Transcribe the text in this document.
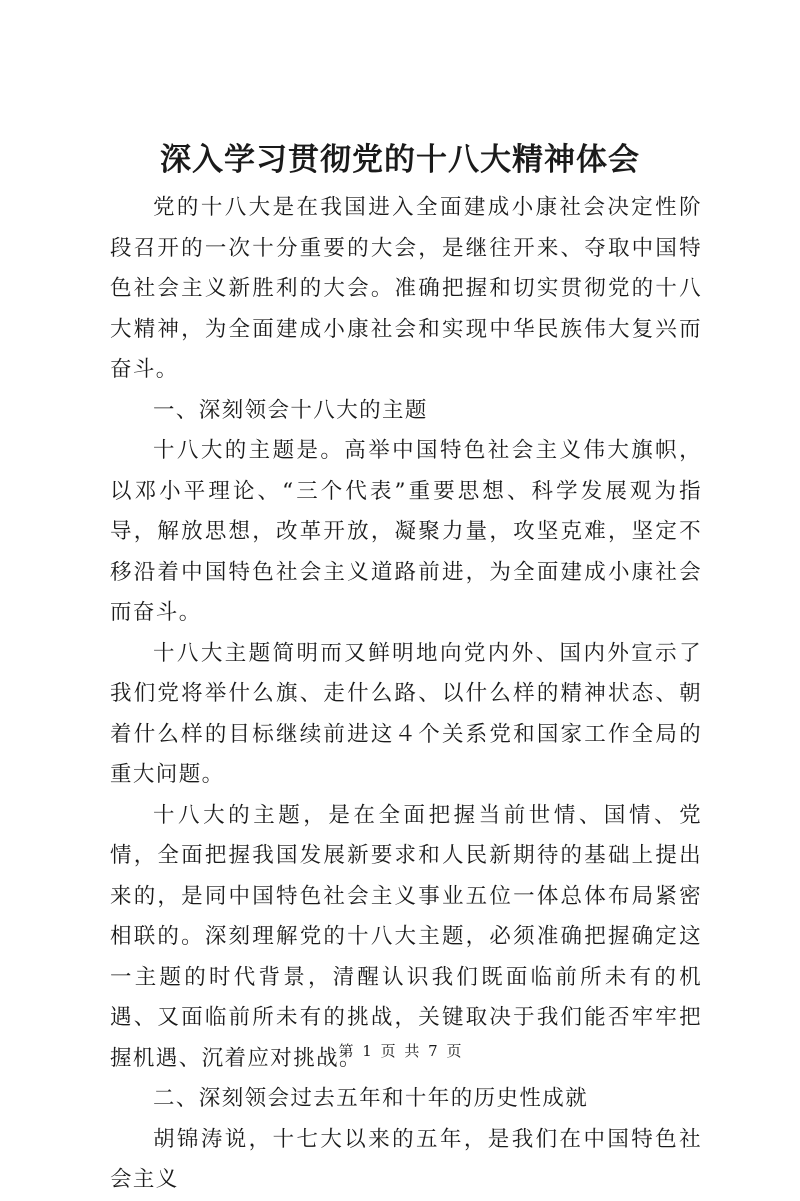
深入学习贯彻党的十八大精神体会

党的十八大是在我国进入全面建成小康社会决定性阶段召开的一次十分重要的大会，是继往开来、夺取中国特色社会主义新胜利的大会。准确把握和切实贯彻党的十八大精神，为全面建成小康社会和实现中华民族伟大复兴而奋斗。

一、深刻领会十八大的主题

十八大的主题是。高举中国特色社会主义伟大旗帜，以邓小平理论、“三个代表”重要思想、科学发展观为指导，解放思想，改革开放，凝聚力量，攻坚克难，坚定不移沿着中国特色社会主义道路前进，为全面建成小康社会而奋斗。

十八大主题简明而又鲜明地向党内外、国内外宣示了我们党将举什么旗、走什么路、以什么样的精神状态、朝着什么样的目标继续前进这４个关系党和国家工作全局的重大问题。

十八大的主题，是在全面把握当前世情、国情、党情，全面把握我国发展新要求和人民新期待的基础上提出来的，是同中国特色社会主义事业五位一体总体布局紧密相联的。深刻理解党的十八大主题，必须准确把握确定这一主题的时代背景，清醒认识我们既面临前所未有的机遇、又面临前所未有的挑战，关键取决于我们能否牢牢把握机遇、沉着应对挑战。

二、深刻领会过去五年和十年的历史性成就

胡锦涛说，十七大以来的五年，是我们在中国特色社会主义

第 1 页 共 7 页
